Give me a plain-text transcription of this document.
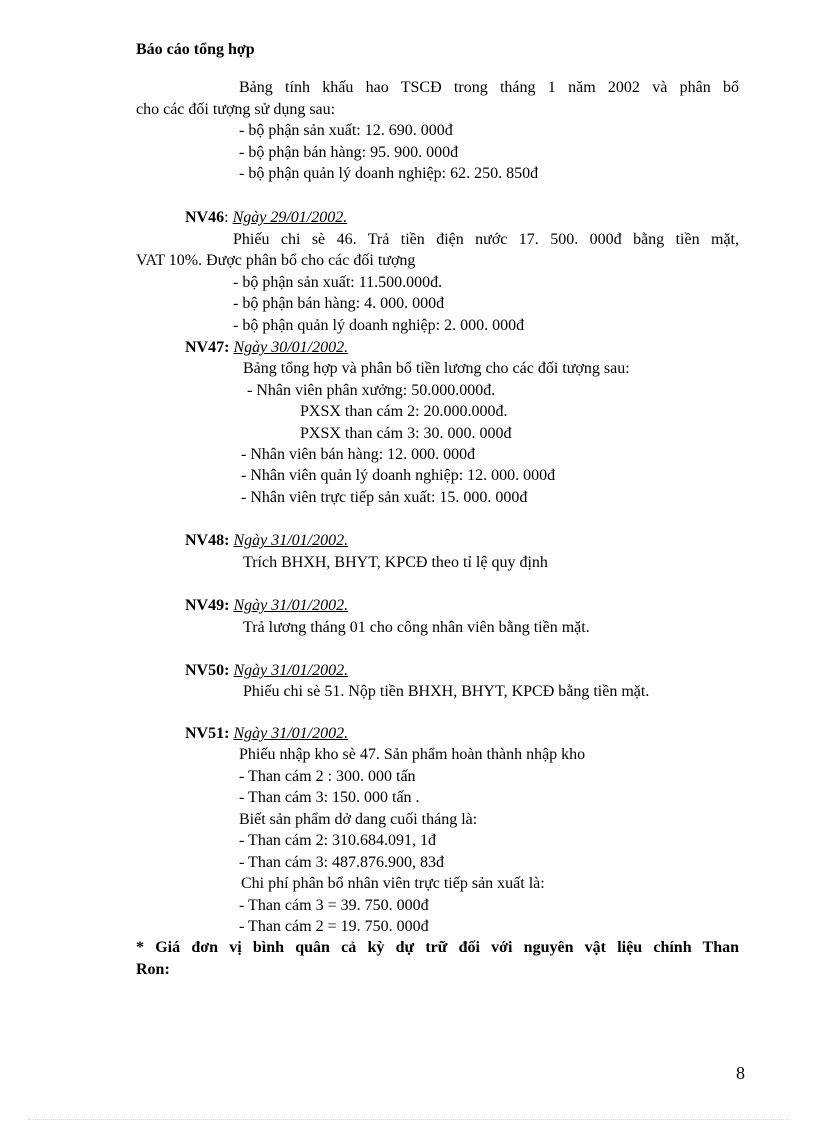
Báo cáo tổng hợp
Bảng tính khấu hao TSCĐ trong tháng 1 năm 2002 và phân bổ
cho các đối tượng sử dụng sau:
- bộ phận sản xuất: 12. 690. 000đ
- bộ phận bán hàng: 95. 900. 000đ
- bộ phận quản lý doanh nghiệp: 62. 250. 850đ
NV46: Ngày 29/01/2002.
Phiếu chi sè 46. Trả tiền điện nước 17. 500. 000đ bằng tiền mặt,
VAT 10%. Được phân bổ cho các đối tượng
- bộ phận sản xuất: 11.500.000đ.
- bộ phận bán hàng: 4. 000. 000đ
- bộ phận quản lý doanh nghiệp: 2. 000. 000đ
NV47: Ngày 30/01/2002.
Bảng tổng hợp và phân bổ tiền lương cho các đối tượng sau:
- Nhân viên phân xưởng: 50.000.000đ.
PXSX than cám 2: 20.000.000đ.
PXSX than cám 3: 30. 000. 000đ
- Nhân viên bán hàng: 12. 000. 000đ
- Nhân viên quản lý doanh nghiệp: 12. 000. 000đ
- Nhân viên trực tiếp sản xuất: 15. 000. 000đ
NV48: Ngày 31/01/2002.
Trích BHXH, BHYT, KPCĐ theo tỉ lệ quy định
NV49: Ngày 31/01/2002.
Trả lương tháng 01 cho công nhân viên bằng tiền mặt.
NV50: Ngày 31/01/2002.
Phiếu chi sè 51. Nộp tiền BHXH, BHYT, KPCĐ bằng tiền mặt.
NV51: Ngày 31/01/2002.
Phiếu nhập kho sè 47. Sản phẩm hoàn thành nhập kho
- Than cám 2 : 300. 000 tấn
- Than cám 3: 150. 000 tấn .
Biết sản phẩm dở dang cuối tháng là:
- Than cám 2: 310.684.091, 1đ
- Than cám 3: 487.876.900, 83đ
Chi phí phân bổ nhân viên trực tiếp sản xuất là:
- Than cám 3 = 39. 750. 000đ
- Than cám 2 = 19. 750. 000đ
* Giá đơn vị bình quân cả kỳ dự trữ đối với nguyên vật liệu chính Than
Ron:
8
